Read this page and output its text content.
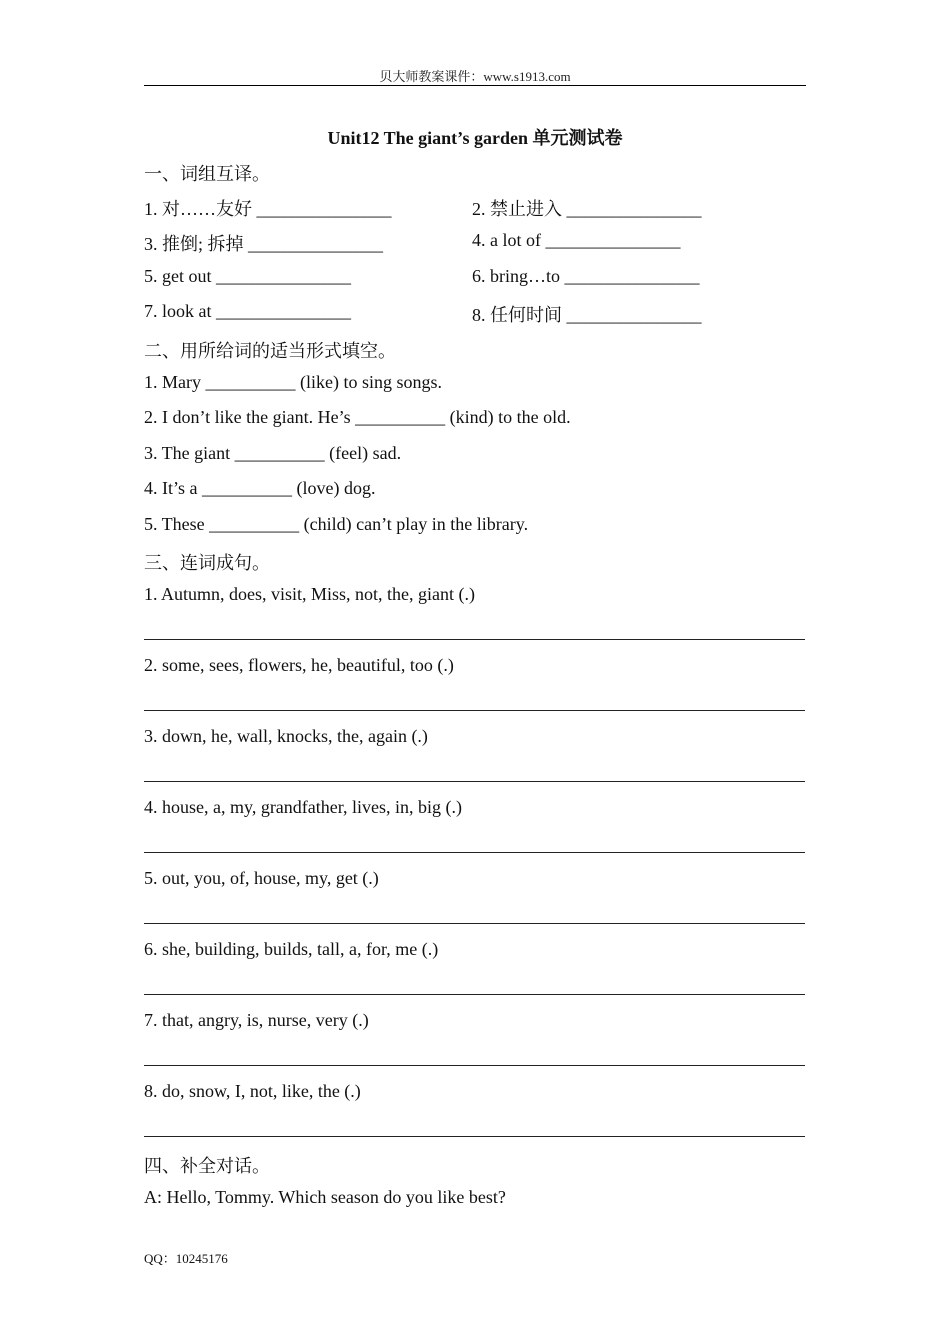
贝大师教案课件：www.s1913.com
Unit12 The giant’s garden 单元测试卷
一、词组互译。
1. 对……友好 _______________	2. 禁止进入 _______________
3. 推倒; 拆掉 _______________	4. a lot of _______________
5. get out _______________	6. bring…to _______________
7. look at _______________	8. 任何时间 _______________
二、用所给词的适当形式填空。
1. Mary __________ (like) to sing songs.
2. I don’t like the giant. He’s __________ (kind) to the old.
3. The giant __________ (feel) sad.
4. It’s a __________ (love) dog.
5. These __________ (child) can’t play in the library.
三、连词成句。
1. Autumn, does, visit, Miss, not, the, giant (.)
2. some, sees, flowers, he, beautiful, too (.)
3. down, he, wall, knocks, the, again (.)
4. house, a, my, grandfather, lives, in, big (.)
5. out, you, of, house, my, get (.)
6. she, building, builds, tall, a, for, me (.)
7. that, angry, is, nurse, very (.)
8. do, snow, I, not, like, the (.)
四、补全对话。
A: Hello, Tommy. Which season do you like best?
QQ：10245176
